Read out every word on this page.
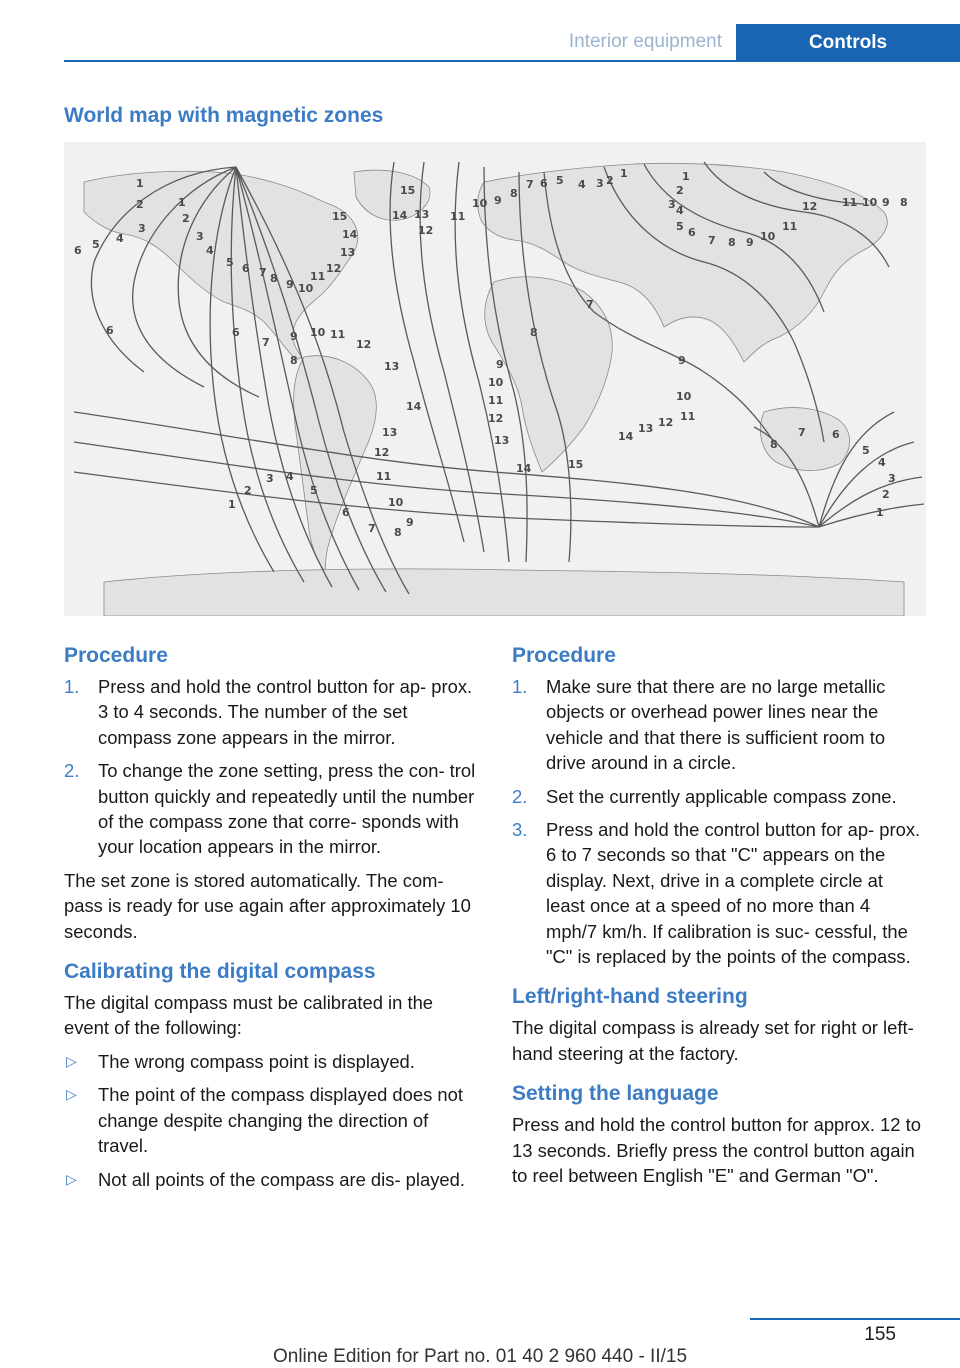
Interior equipment	Controls
World map with magnetic zones
6 5 4
3
2
1
1
2
3
4
5 6 7 8 9 10
11
12
13
14
15
15
14 13
12
11
10 9
8
7 6 5 4 3 2
1	1
2
3 4
5 6
7 8 9 10
11
12 11 10 9 8
6	6
7 9 10 11
12
8	13
14
13
12
11
10
9
8
7
6
5
4
3
2
1
7
8
9
10
11
12
13
14	15
14
13 12 11
10
9
8
7 6
5
4
3
2
1
Procedure
1. Press and hold the control button for ap‐ prox. 3 to 4 seconds. The number of the set compass zone appears in the mirror.
2. To change the zone setting, press the con‐ trol button quickly and repeatedly until the number of the compass zone that corre‐ sponds with your location appears in the mirror.

The set zone is stored automatically. The com‐ pass is ready for use again after approximately 10 seconds.

Calibrating the digital compass

The digital compass must be calibrated in the event of the following:

▷ The wrong compass point is displayed.
▷ The point of the compass displayed does not change despite changing the direction of travel.
▷ Not all points of the compass are dis‐ played.
Procedure
1. Make sure that there are no large metallic objects or overhead power lines near the vehicle and that there is sufficient room to drive around in a circle.
2. Set the currently applicable compass zone.
3. Press and hold the control button for ap‐ prox. 6 to 7 seconds so that "C" appears on the display. Next, drive in a complete circle at least once at a speed of no more than 4 mph/7 km/h. If calibration is suc‐ cessful, the "C" is replaced by the points of the compass.
Left/right-hand steering

The digital compass is already set for right or left-hand steering at the factory.

Setting the language

Press and hold the control button for approx. 12 to 13 seconds. Briefly press the control button again to reel between English "E" and German "O".

155
Online Edition for Part no. 01 40 2 960 440 - II/15
